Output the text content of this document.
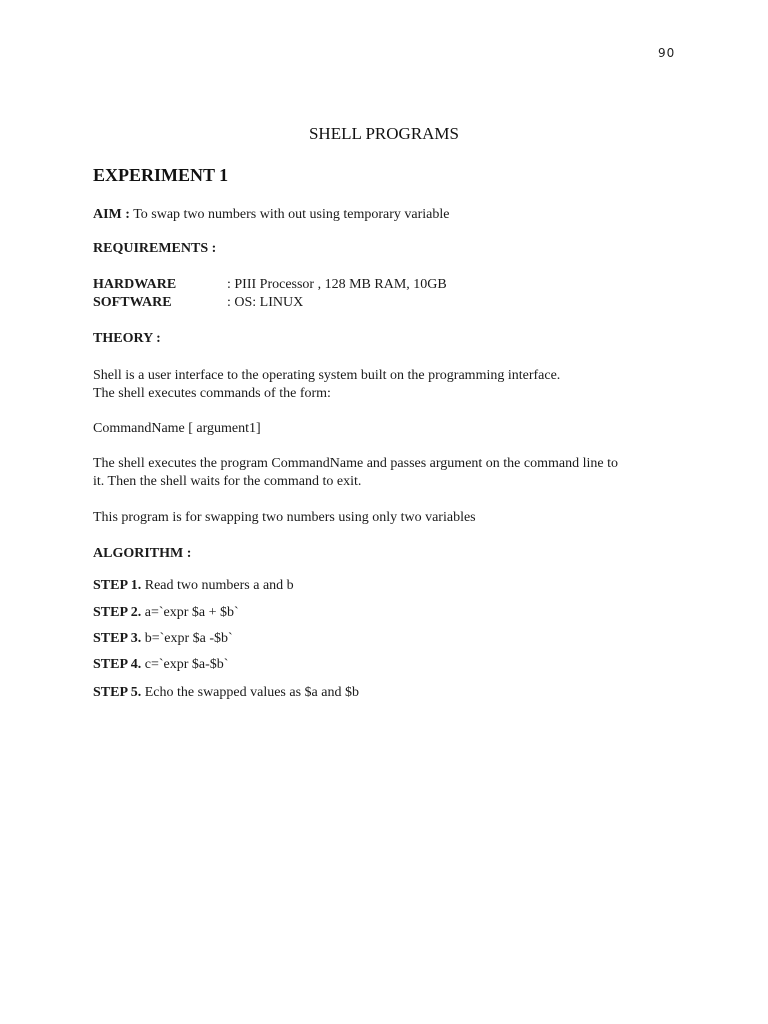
90
SHELL PROGRAMS
EXPERIMENT 1
AIM : To swap two numbers with out using temporary variable
REQUIREMENTS :
HARDWARE	: PIII Processor , 128 MB RAM, 10GB
SOFTWARE	: OS: LINUX
THEORY :
Shell is a user interface to the operating system built on the programming interface.
The shell executes commands of the form:
CommandName [ argument1]
The shell executes the program CommandName and passes argument on the command line to
it. Then the shell waits for the command to exit.
This program is for swapping two numbers using only two variables
ALGORITHM :
STEP 1. Read two numbers a and b
STEP 2. a=`expr $a + $b`
STEP 3. b=`expr $a -$b`
STEP 4. c=`expr $a-$b`
STEP 5. Echo the swapped values as $a and $b
